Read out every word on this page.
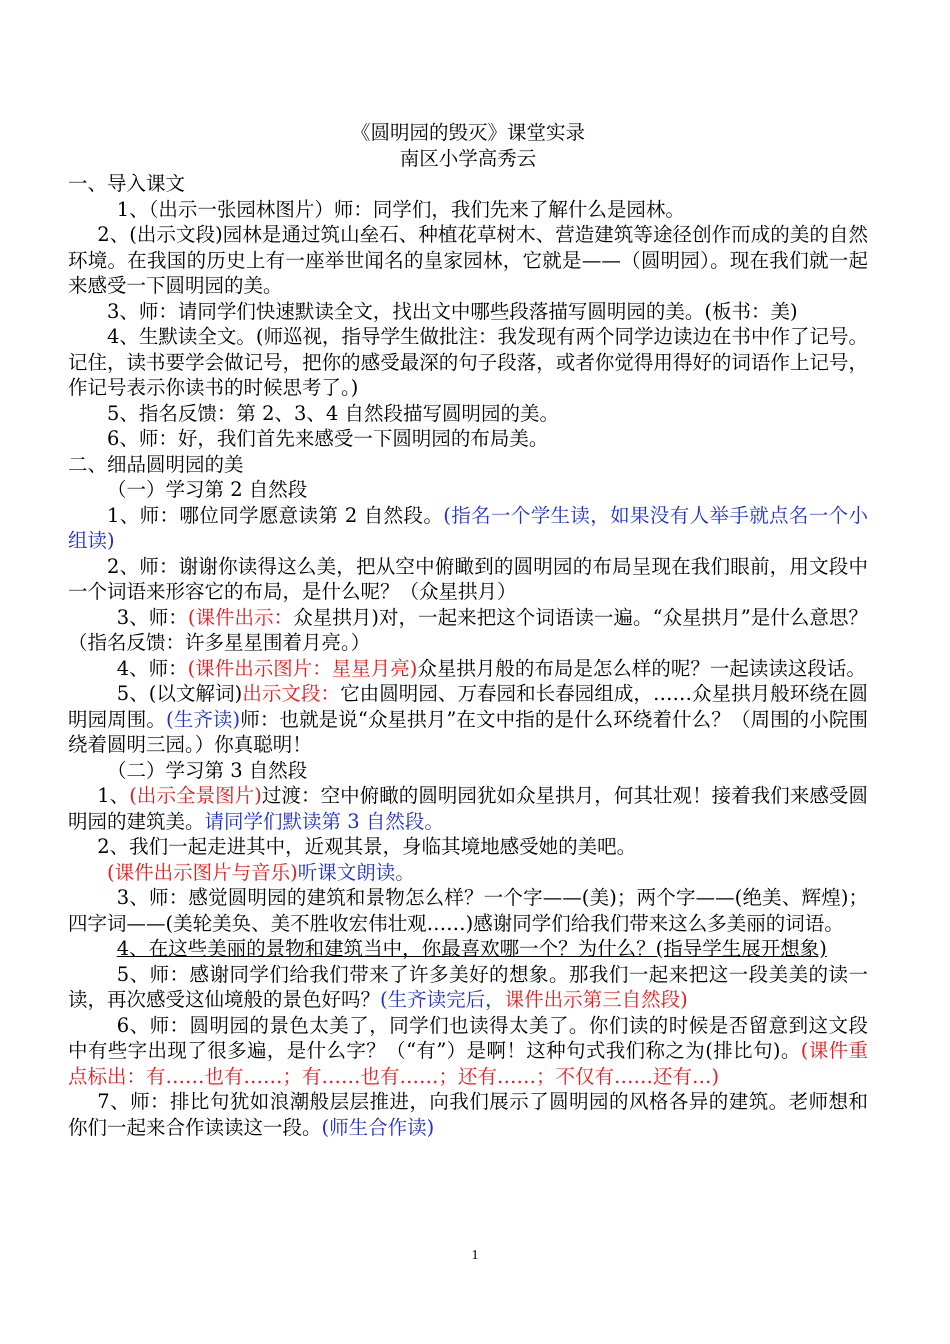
《圆明园的毁灭》课堂实录

南区小学高秀云

一、导入课文

1、（出示一张园林图片）师：同学们，我们先来了解什么是园林。

2、(出示文段)园林是通过筑山垒石、种植花草树木、营造建筑等途径创作而成的美的自然环境。在我国的历史上有一座举世闻名的皇家园林，它就是——（圆明园）。现在我们就一起来感受一下圆明园的美。

3、师：请同学们快速默读全文，找出文中哪些段落描写圆明园的美。(板书：美)

4、生默读全文。(师巡视，指导学生做批注：我发现有两个同学边读边在书中作了记号。记住，读书要学会做记号，把你的感受最深的句子段落，或者你觉得用得好的词语作上记号，作记号表示你读书的时候思考了。)

5、指名反馈：第 2、3、4 自然段描写圆明园的美。

6、师：好，我们首先来感受一下圆明园的布局美。

二、细品圆明园的美

（一）学习第 2 自然段

1、师：哪位同学愿意读第 2 自然段。(指名一个学生读，如果没有人举手就点名一个小组读)

2、师：谢谢你读得这么美，把从空中俯瞰到的圆明园的布局呈现在我们眼前，用文段中一个词语来形容它的布局，是什么呢？（众星拱月）

3、师：(课件出示：众星拱月)对，一起来把这个词语读一遍。“众星拱月”是什么意思？（指名反馈：许多星星围着月亮。）

4、师：(课件出示图片：星星月亮)众星拱月般的布局是怎么样的呢？一起读读这段话。

5、(以文解词)出示文段：它由圆明园、万春园和长春园组成，……众星拱月般环绕在圆明园周围。(生齐读)师：也就是说“众星拱月”在文中指的是什么环绕着什么？（周围的小院围绕着圆明三园。）你真聪明！

（二）学习第 3 自然段

1、(出示全景图片)过渡：空中俯瞰的圆明园犹如众星拱月，何其壮观！接着我们来感受圆明园的建筑美。请同学们默读第 3 自然段。

2、我们一起走进其中，近观其景，身临其境地感受她的美吧。

(课件出示图片与音乐)听课文朗读。

3、师：感觉圆明园的建筑和景物怎么样？一个字——(美)；两个字——(绝美、辉煌)；四字词——(美轮美奂、美不胜收宏伟壮观……)感谢同学们给我们带来这么多美丽的词语。

4、在这些美丽的景物和建筑当中，你最喜欢哪一个？为什么？(指导学生展开想象)

5、师：感谢同学们给我们带来了许多美好的想象。那我们一起来把这一段美美的读一读，再次感受这仙境般的景色好吗？(生齐读完后，课件出示第三自然段)

6、师：圆明园的景色太美了，同学们也读得太美了。你们读的时候是否留意到这文段中有些字出现了很多遍，是什么字？（“有”）是啊！这种句式我们称之为(排比句)。(课件重点标出：有……也有……；有……也有……；还有……；不仅有……还有…)

7、师：排比句犹如浪潮般层层推进，向我们展示了圆明园的风格各异的建筑。老师想和你们一起来合作读读这一段。(师生合作读)

1
